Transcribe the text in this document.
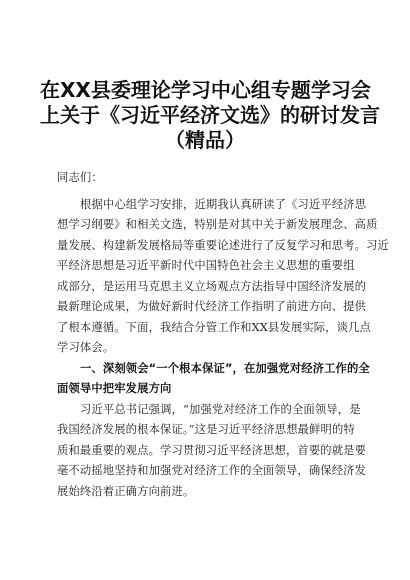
在XX县委理论学习中心组专题学习会
上关于《习近平经济文选》的研讨发言
（精品）
同志们：
根据中心组学习安排，近期我认真研读了《习近平经济思
想学习纲要》和相关文选，特别是对其中关于新发展理念、高质
量发展、构建新发展格局等重要论述进行了反复学习和思考。习近
平经济思想是习近平新时代中国特色社会主义思想的重要组
成部分，是运用马克思主义立场观点方法指导中国经济发展的
最新理论成果，为做好新时代经济工作指明了前进方向、提供
了根本遵循。下面，我结合分管工作和XX县发展实际，谈几点
学习体会。
一、深刻领会“一个根本保证”，在加强党对经济工作的全
面领导中把牢发展方向
习近平总书记强调，“加强党对经济工作的全面领导，是
我国经济发展的根本保证。”这是习近平经济思想最鲜明的特
质和最重要的观点。学习贯彻习近平经济思想，首要的就是要
毫不动摇地坚持和加强党对经济工作的全面领导，确保经济发
展始终沿着正确方向前进。
